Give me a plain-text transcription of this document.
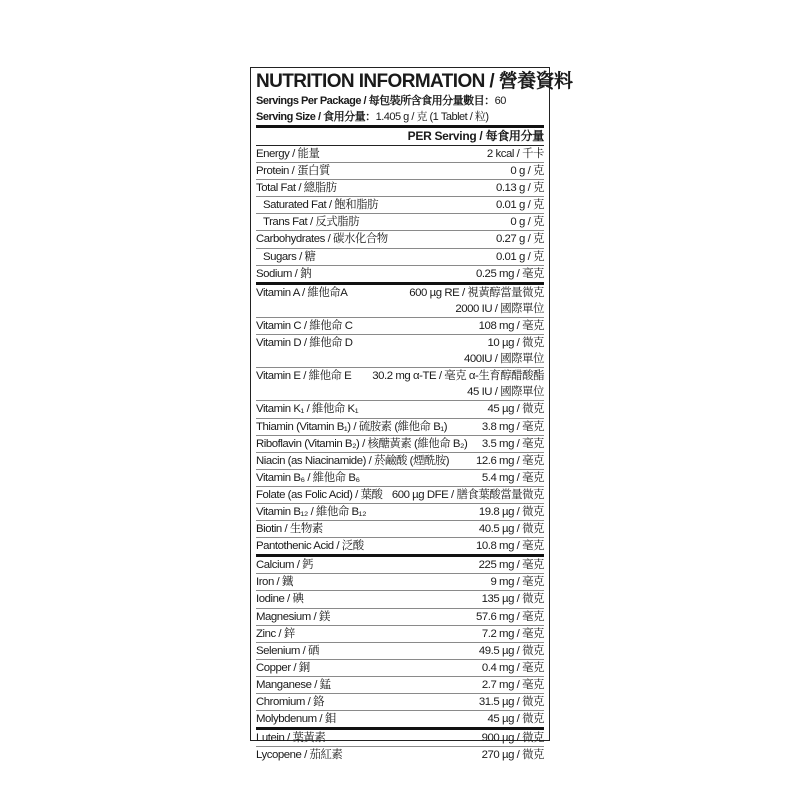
NUTRITION INFORMATION / 營養資料
Servings Per Package / 每包裝所含食用分量數目：60
Serving Size / 食用分量：1.405 g / 克 (1 Tablet / 粒)
PER Serving / 每食用分量
Energy / 能量	2 kcal / 千卡
Protein / 蛋白質	0 g / 克
Total Fat / 總脂肪	0.13 g / 克
Saturated Fat / 飽和脂肪	0.01 g / 克
Trans Fat / 反式脂肪	0 g / 克
Carbohydrates / 碳水化合物	0.27 g / 克
Sugars / 糖	0.01 g / 克
Sodium / 鈉	0.25 mg / 毫克
Vitamin A / 維他命A	600 µg RE / 視黃醇當量微克
2000 IU / 國際單位
Vitamin C / 維他命 C	108 mg / 毫克
Vitamin D / 維他命 D	10 µg / 微克
400IU / 國際單位
Vitamin E / 維他命 E	30.2 mg α-TE / 毫克 α-生育醇醋酸酯
45 IU / 國際單位
Vitamin K₁ / 維他命 K₁	45 µg / 微克
Thiamin (Vitamin B₁) / 硫胺素 (維他命 B₁)	3.8 mg / 毫克
Riboflavin (Vitamin B₂) / 核醣黃素 (維他命 B₂)	3.5 mg / 毫克
Niacin (as Niacinamide) / 菸鹼酸 (煙酰胺)	12.6 mg / 毫克
Vitamin B₆ / 維他命 B₆	5.4 mg / 毫克
Folate (as Folic Acid) / 葉酸 600 µg DFE / 膳食葉酸當量微克
Vitamin B₁₂ / 維他命 B₁₂	19.8 µg / 微克
Biotin / 生物素	40.5 µg / 微克
Pantothenic Acid / 泛酸	10.8 mg / 毫克
Calcium / 鈣	225 mg / 毫克
Iron / 鐵	9 mg / 毫克
Iodine / 碘	135 µg / 微克
Magnesium / 鎂	57.6 mg / 毫克
Zinc / 鋅	7.2 mg / 毫克
Selenium / 硒	49.5 µg / 微克
Copper / 銅	0.4 mg / 毫克
Manganese / 錳	2.7 mg / 毫克
Chromium / 鉻	31.5 µg / 微克
Molybdenum / 鉬	45 µg / 微克
Lutein / 葉黃素	900 µg / 微克
Lycopene / 茄紅素	270 µg / 微克
